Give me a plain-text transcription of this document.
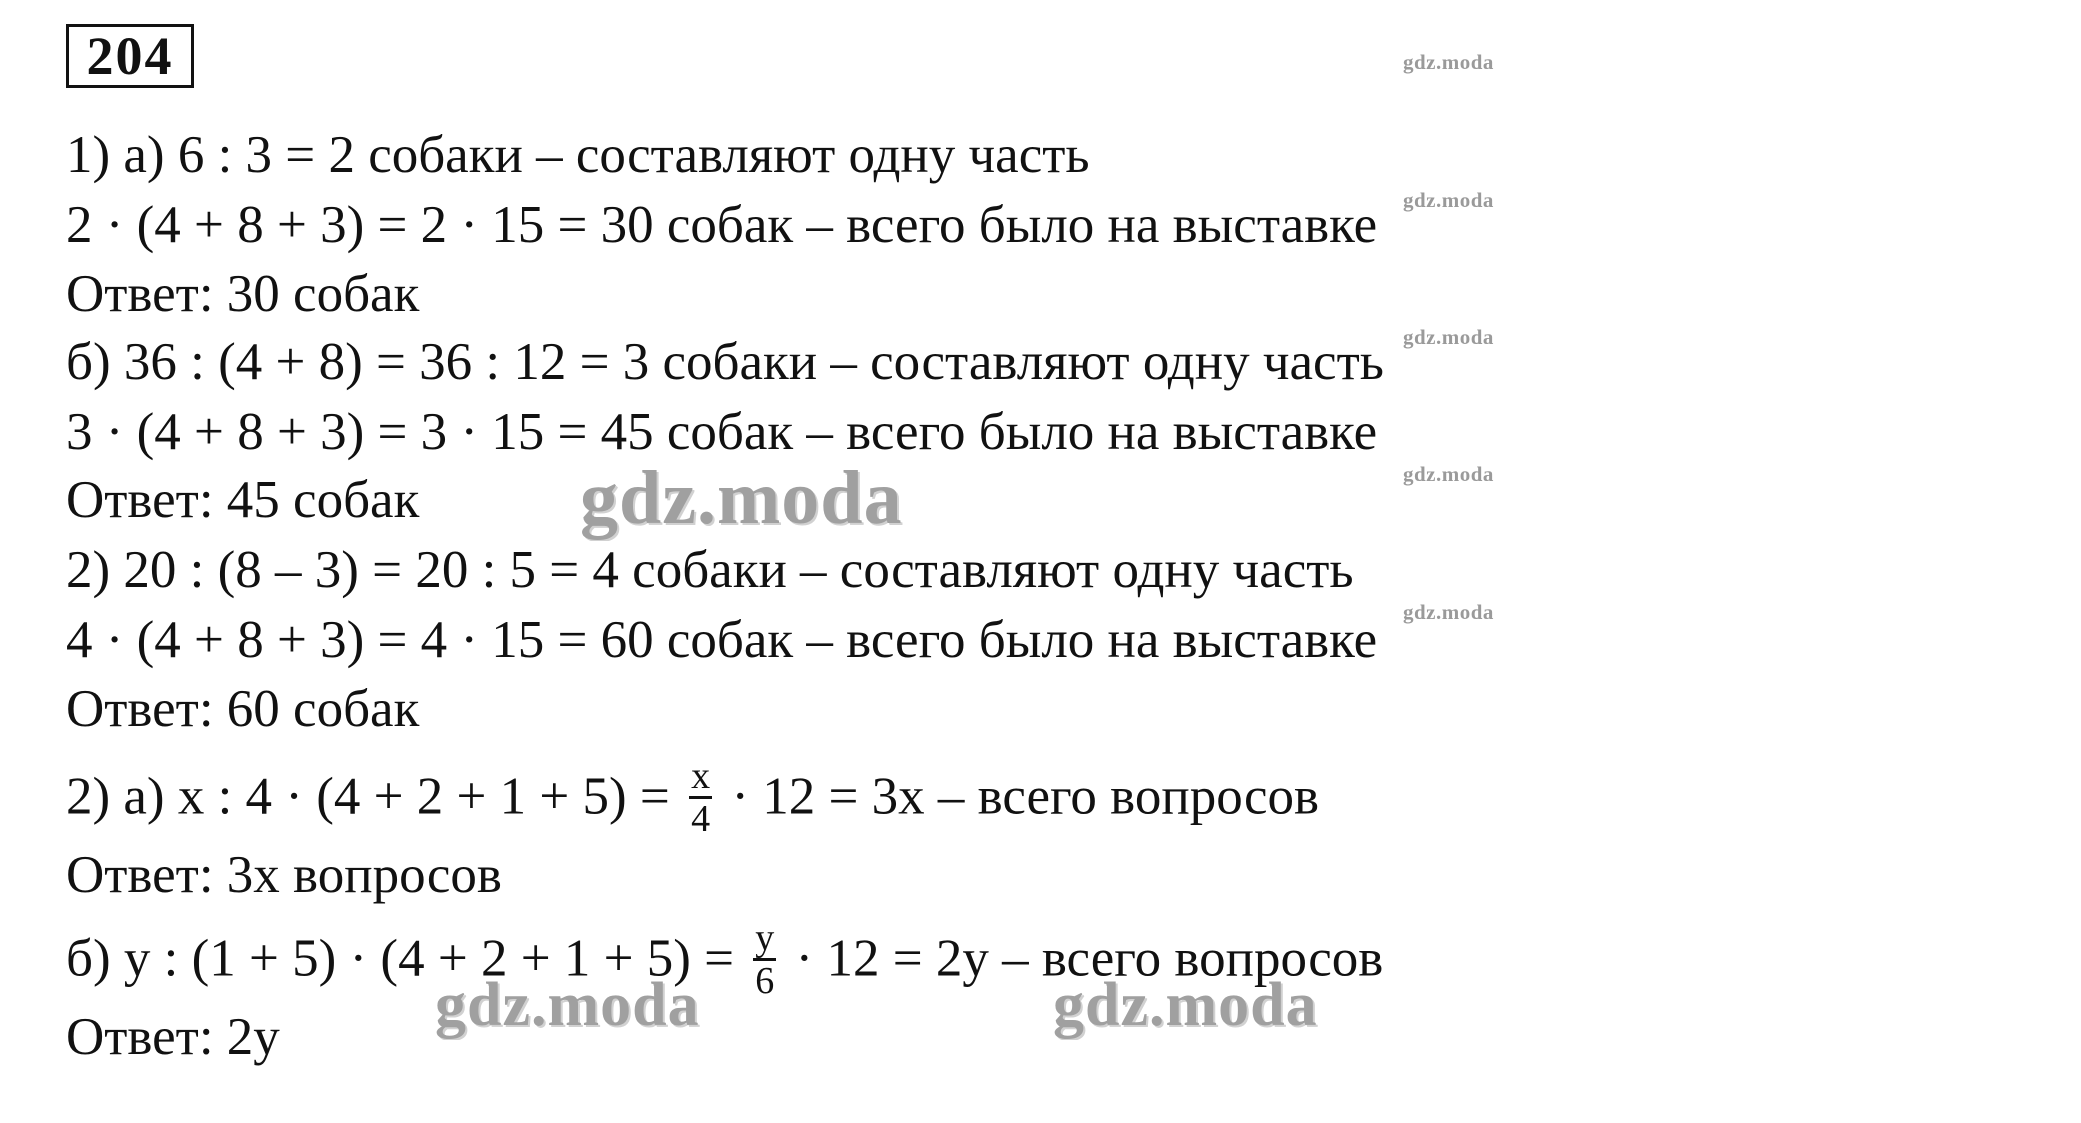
204
1) а) 6 : 3 = 2 собаки – составляют одну часть
2 · (4 + 8 + 3) = 2 · 15 = 30 собак – всего было на выставке
Ответ: 30 собак
б) 36 : (4 + 8) = 36 : 12 = 3 собаки – составляют одну часть
3 · (4 + 8 + 3) = 3 · 15 = 45 собак – всего было на выставке
Ответ: 45 собак
2) 20 : (8 – 3) = 20 : 5 = 4 собаки – составляют одну часть
4 · (4 + 8 + 3) = 4 · 15 = 60 собак – всего было на выставке
Ответ: 60 собак
2) а) x : $4 \cdot (4 + 2 + 1 + 5) = \frac{x}{4} \cdot 12 = 3x$ – всего вопросов
Ответ: 3x вопросов
б) y : $(1 + 5) \cdot (4 + 2 + 1 + 5) = \frac{y}{6} \cdot 12 = 2y$ – всего вопросов
Ответ: 2y
gdz.moda
gdz.moda
gdz.moda
gdz.moda
gdz.moda
gdz.moda
gdz.moda	gdz.moda
